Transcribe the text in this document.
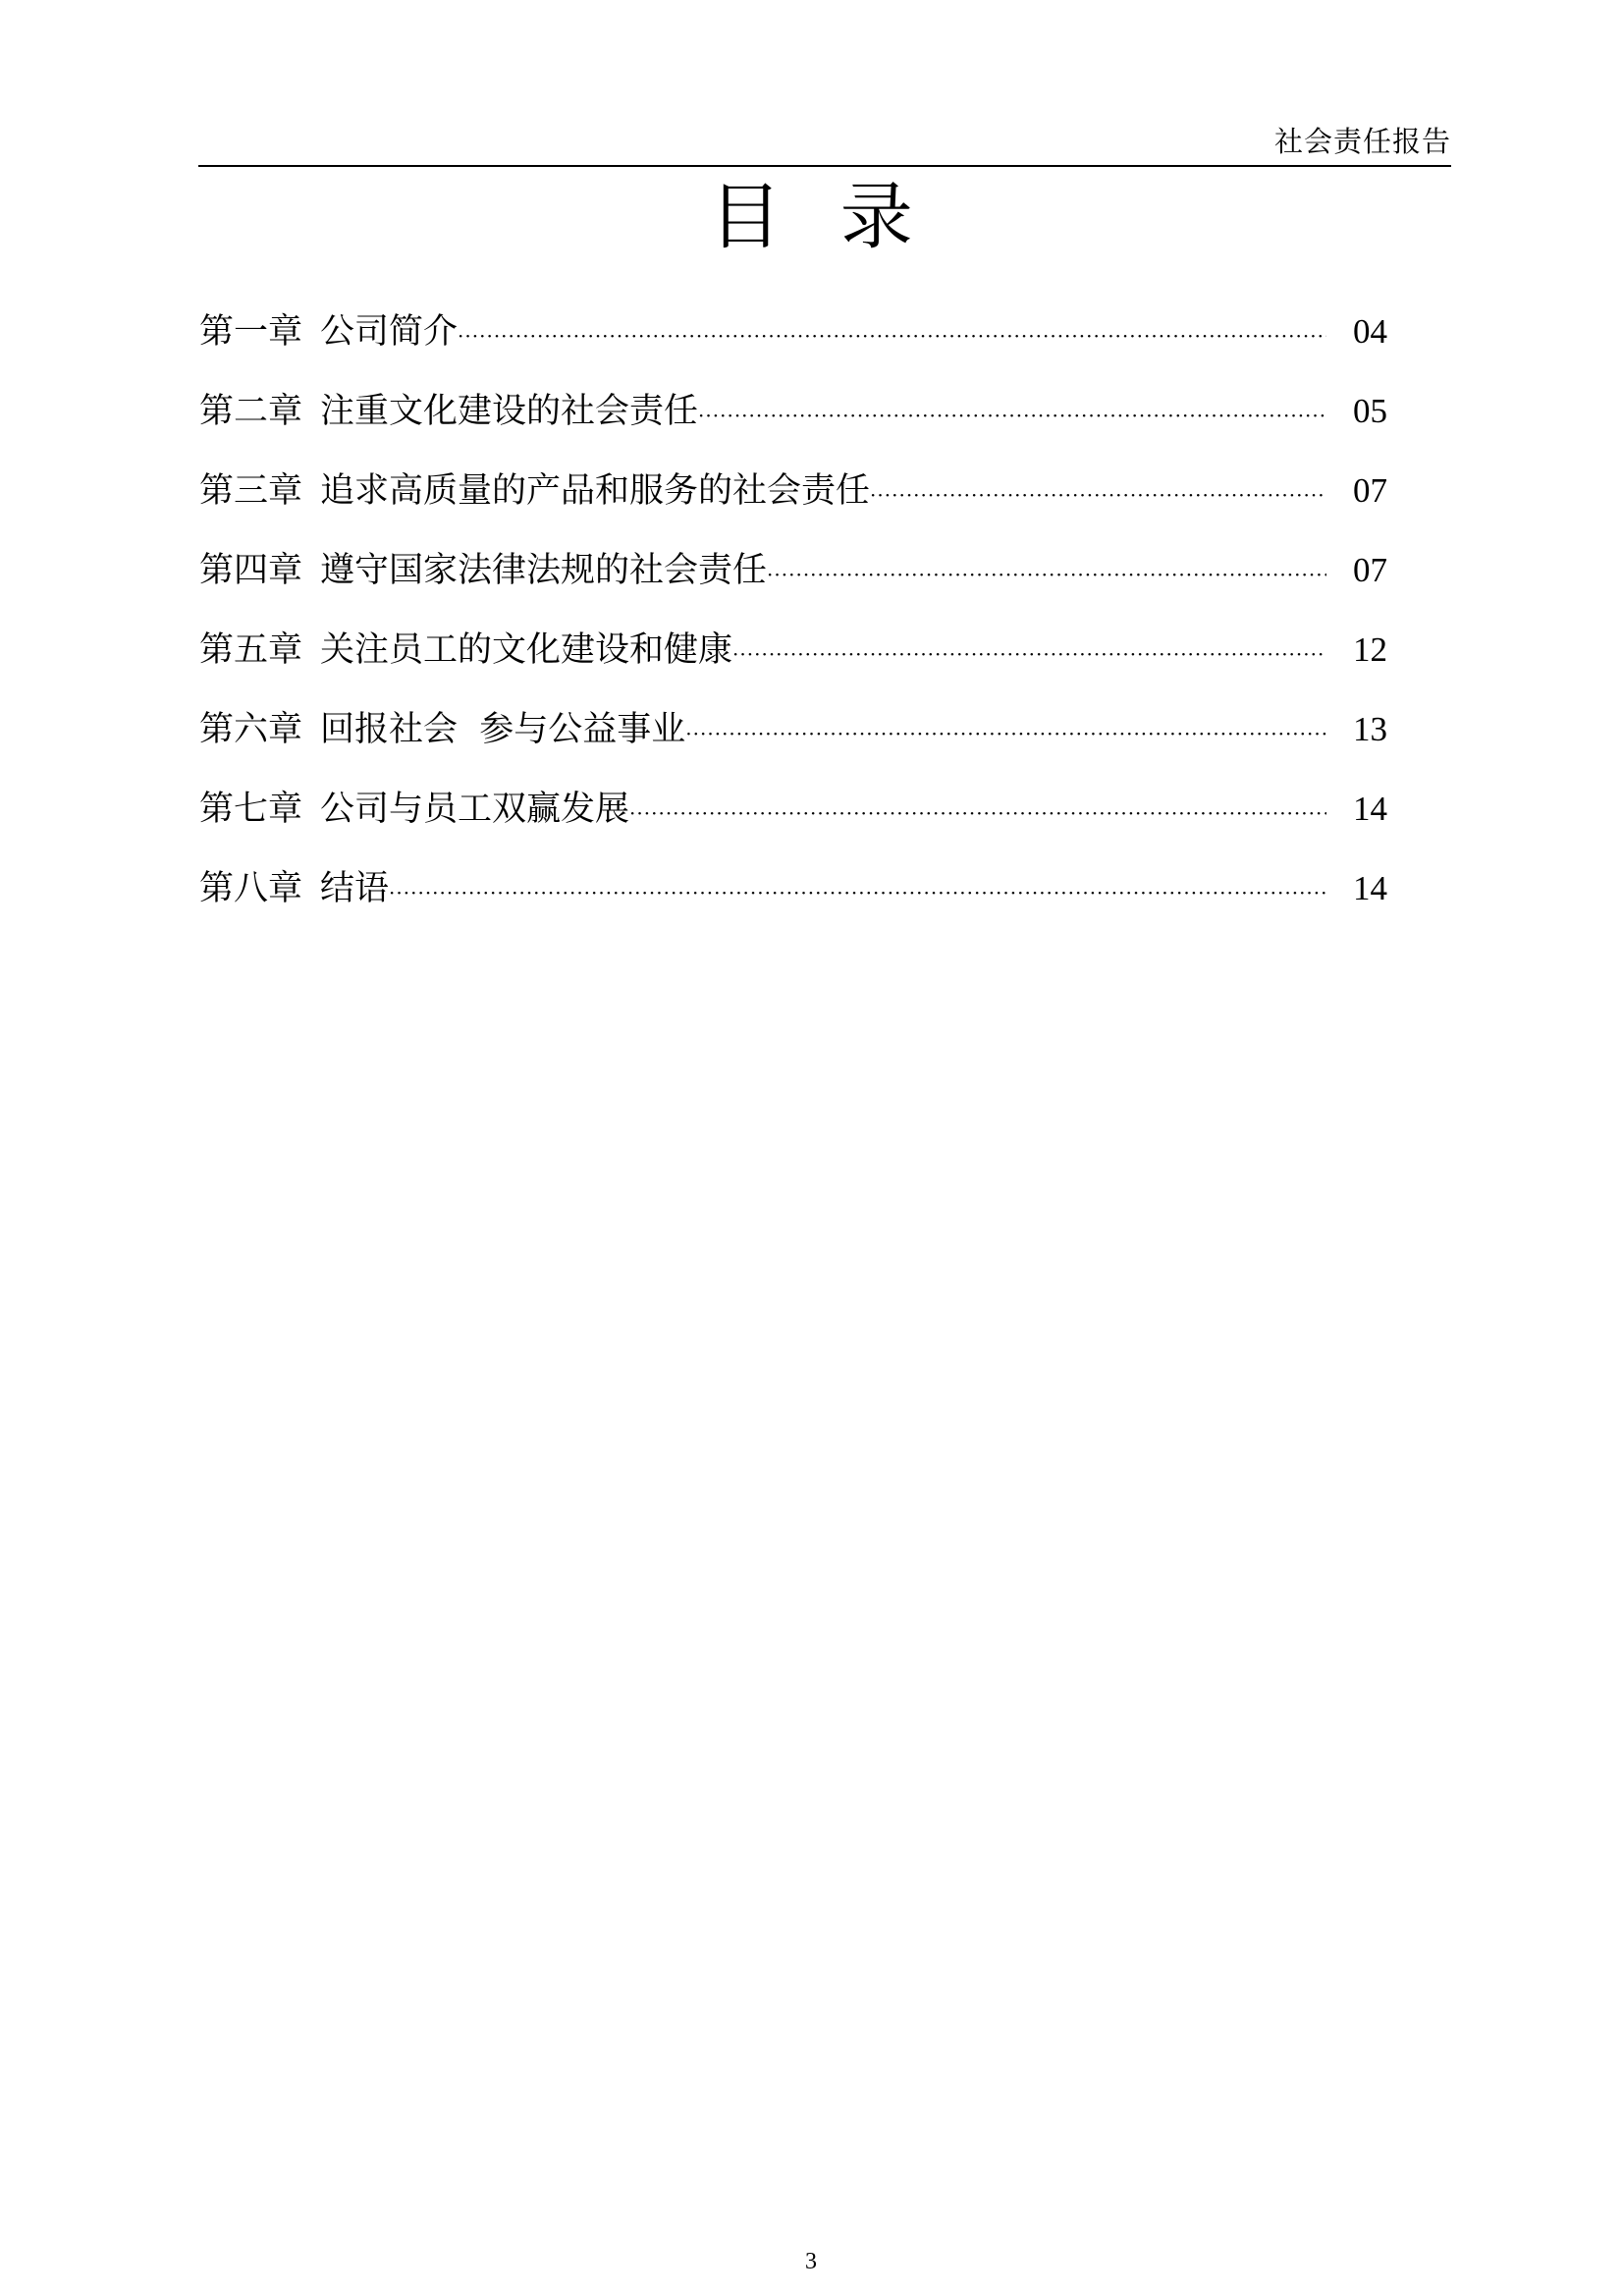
社会责任报告
目 录
第一章 公司简介 ·····	04
第二章 注重文化建设的社会责任 ·····	05
第三章 追求高质量的产品和服务的社会责任 ·····	07
第四章 遵守国家法律法规的社会责任 ·····	07
第五章 关注员工的文化建设和健康 ·····	12
第六章 回报社会  参与公益事业 ·····	13
第七章 公司与员工双赢发展 ·····	14
第八章 结语 ·····	14
3
